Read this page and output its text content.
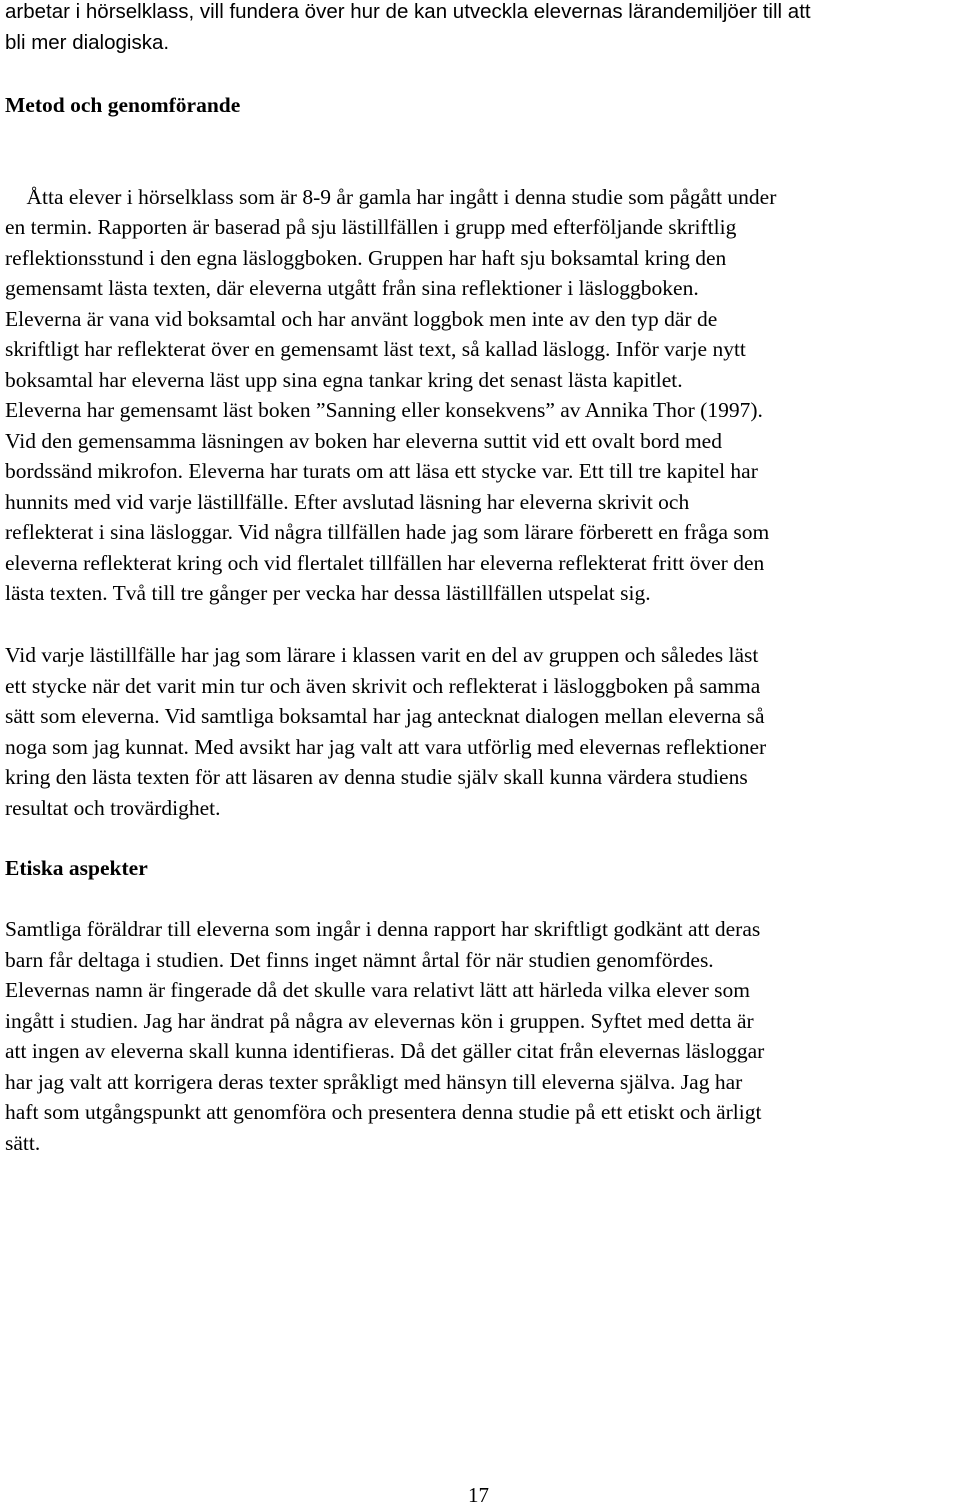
arbetar i hörselklass, vill fundera över hur de kan utveckla elevernas lärandemiljöer till att
bli mer dialogiska.
Metod och genomförande

Åtta elever i hörselklass som är 8-9 år gamla har ingått i denna studie som pågått under
en termin. Rapporten är baserad på sju lästillfällen i grupp med efterföljande skriftlig
reflektionsstund i den egna läsloggboken. Gruppen har haft sju boksamtal kring den
gemensamt lästa texten, där eleverna utgått från sina reflektioner i läsloggboken.
Eleverna är vana vid boksamtal och har använt loggbok men inte av den typ där de
skriftligt har reflekterat över en gemensamt läst text, så kallad läslogg. Inför varje nytt
boksamtal har eleverna läst upp sina egna tankar kring det senast lästa kapitlet.

Eleverna har gemensamt läst boken ”Sanning eller konsekvens” av Annika Thor (1997).
Vid den gemensamma läsningen av boken har eleverna suttit vid ett ovalt bord med
bordssänd mikrofon. Eleverna har turats om att läsa ett stycke var. Ett till tre kapitel har
hunnits med vid varje lästillfälle. Efter avslutad läsning har eleverna skrivit och
reflekterat i sina läsloggar. Vid några tillfällen hade jag som lärare förberett en fråga som
eleverna reflekterat kring och vid flertalet tillfällen har eleverna reflekterat fritt över den
lästa texten. Två till tre gånger per vecka har dessa lästillfällen utspelat sig.
Vid varje lästillfälle har jag som lärare i klassen varit en del av gruppen och således läst
ett stycke när det varit min tur och även skrivit och reflekterat i läsloggboken på samma
sätt som eleverna. Vid samtliga boksamtal har jag antecknat dialogen mellan eleverna så
noga som jag kunnat. Med avsikt har jag valt att vara utförlig med elevernas reflektioner
kring den lästa texten för att läsaren av denna studie själv skall kunna värdera studiens
resultat och trovärdighet.
Etiska aspekter
Samtliga föräldrar till eleverna som ingår i denna rapport har skriftligt godkänt att deras
barn får deltaga i studien. Det finns inget nämnt årtal för när studien genomfördes.
Elevernas namn är fingerade då det skulle vara relativt lätt att härleda vilka elever som
ingått i studien. Jag har ändrat på några av elevernas kön i gruppen. Syftet med detta är
att ingen av eleverna skall kunna identifieras. Då det gäller citat från elevernas läsloggar
har jag valt att korrigera deras texter språkligt med hänsyn till eleverna själva. Jag har
haft som utgångspunkt att genomföra och presentera denna studie på ett etiskt och ärligt
sätt.
17
